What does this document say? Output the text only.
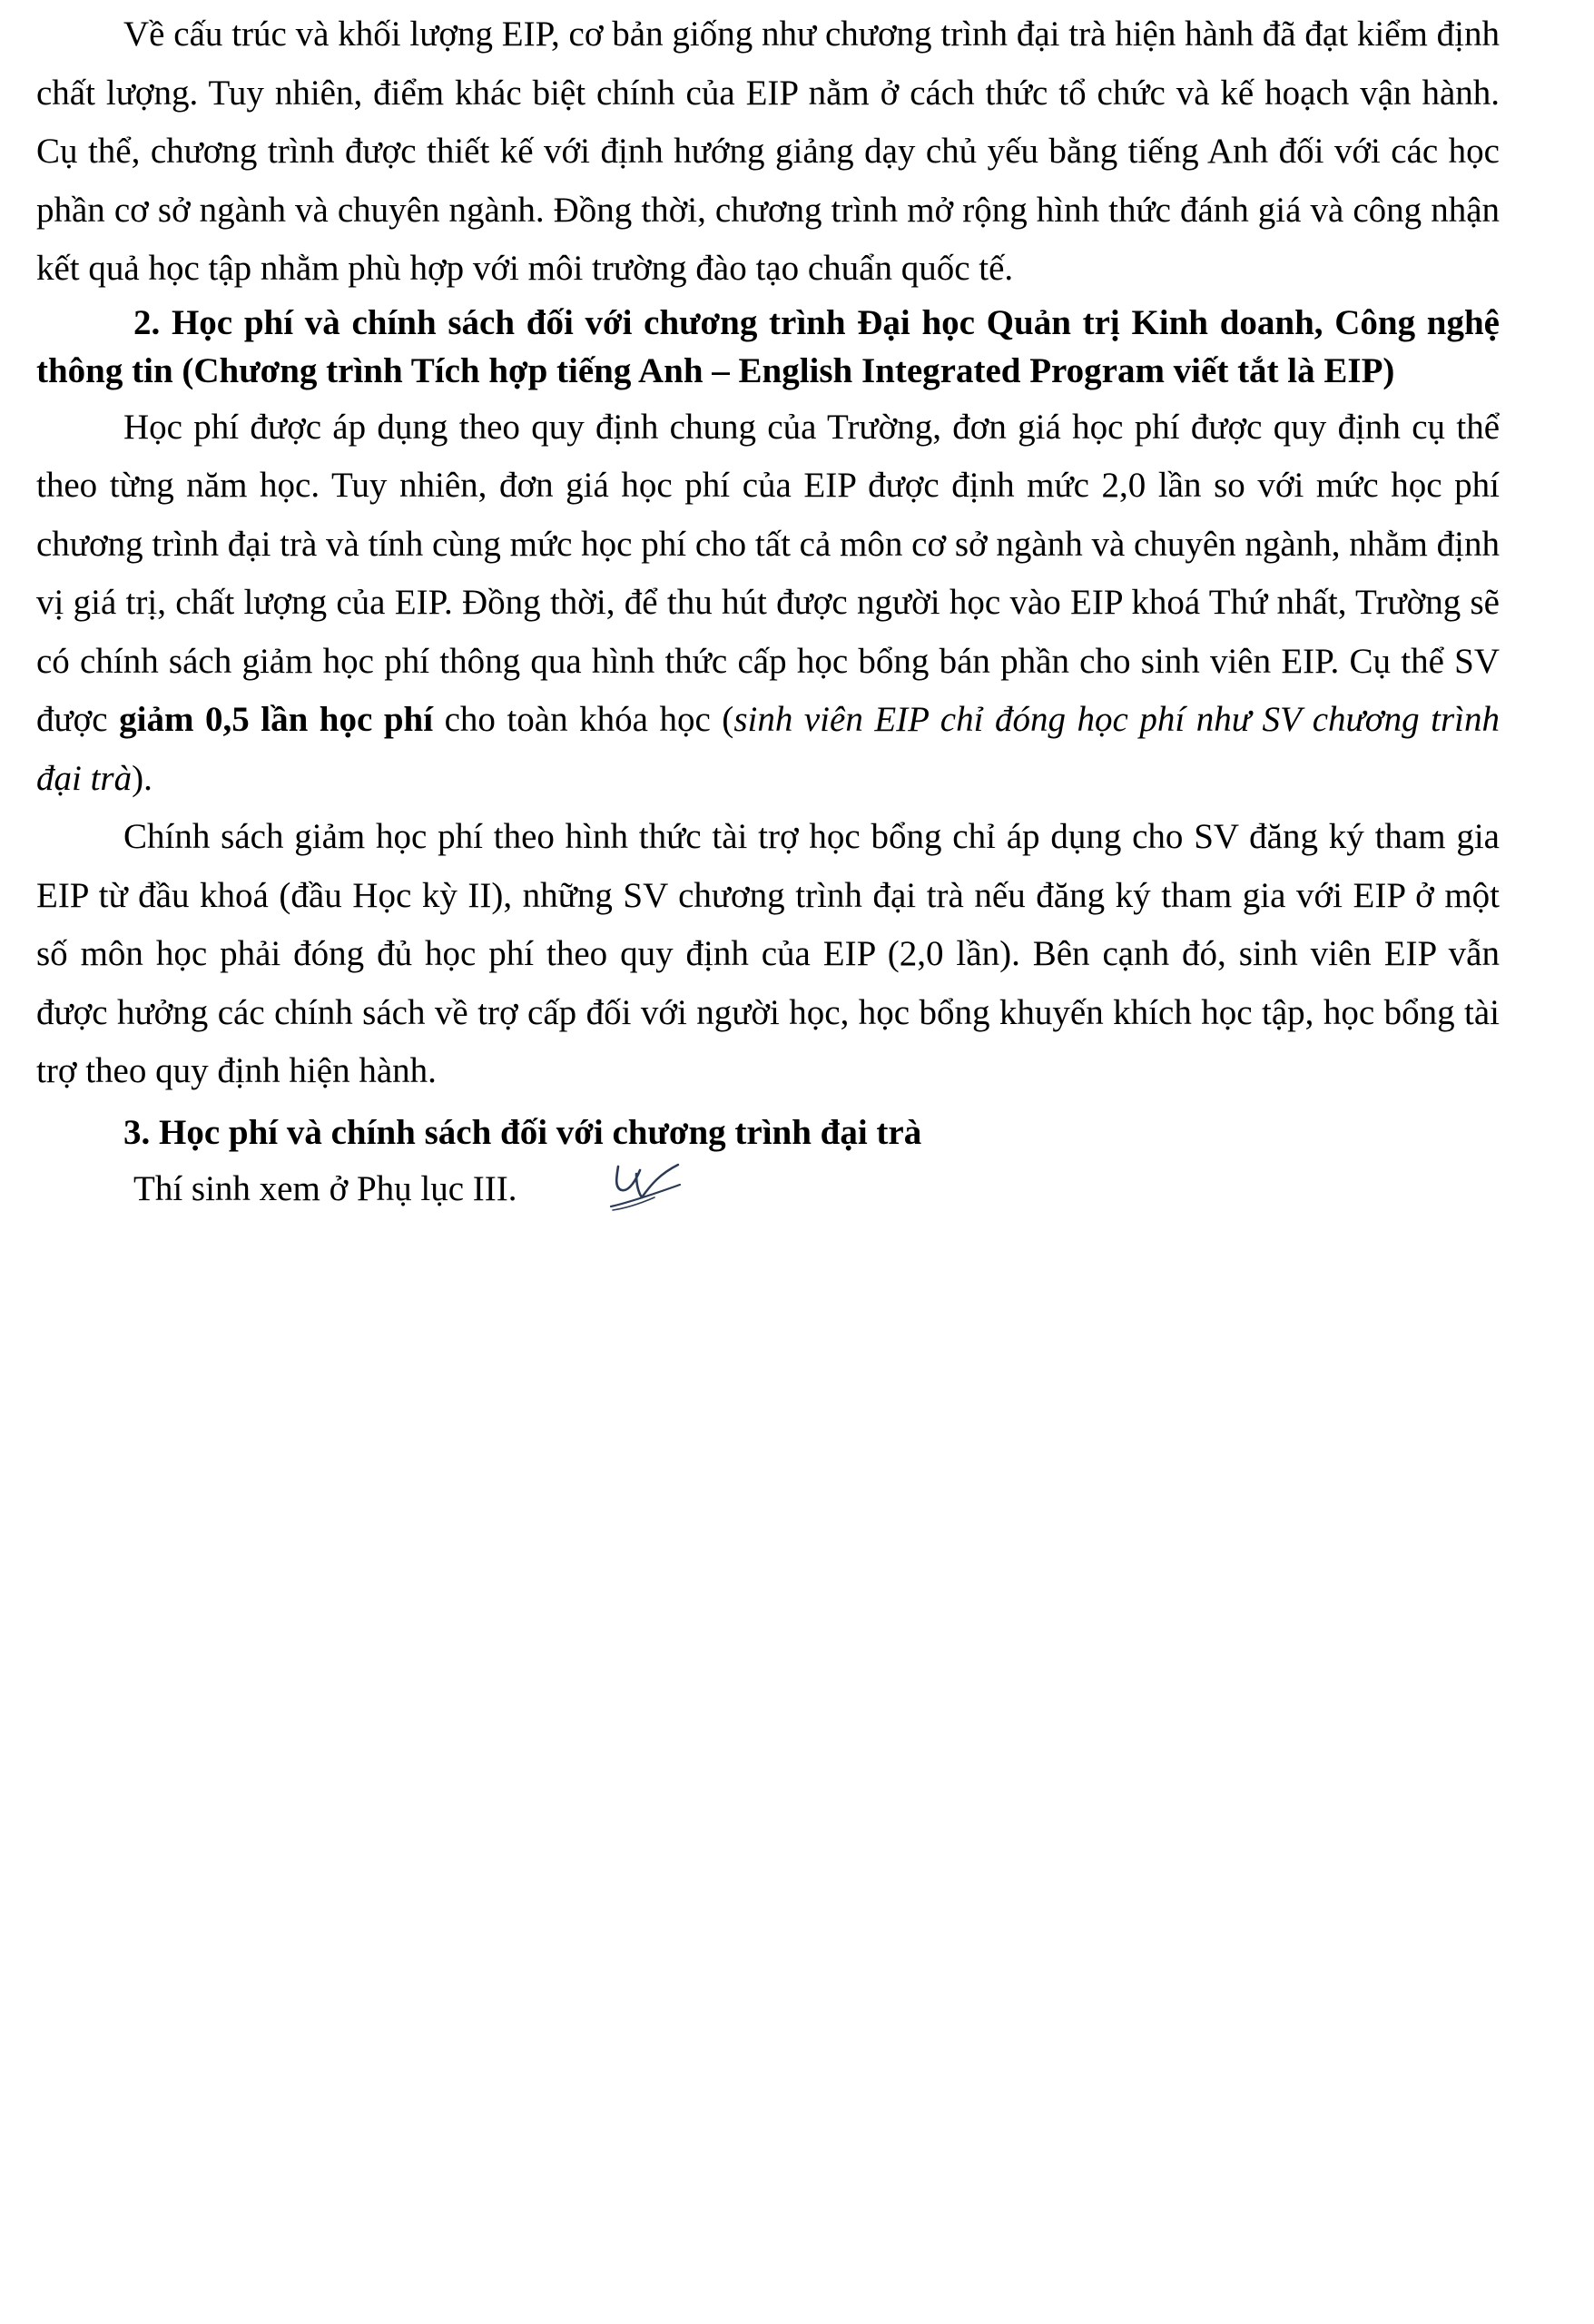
Về cấu trúc và khối lượng EIP, cơ bản giống như chương trình đại trà hiện hành đã đạt kiểm định chất lượng. Tuy nhiên, điểm khác biệt chính của EIP nằm ở cách thức tổ chức và kế hoạch vận hành. Cụ thể, chương trình được thiết kế với định hướng giảng dạy chủ yếu bằng tiếng Anh đối với các học phần cơ sở ngành và chuyên ngành. Đồng thời, chương trình mở rộng hình thức đánh giá và công nhận kết quả học tập nhằm phù hợp với môi trường đào tạo chuẩn quốc tế.

2. Học phí và chính sách đối với chương trình Đại học Quản trị Kinh doanh, Công nghệ thông tin (Chương trình Tích hợp tiếng Anh – English Integrated Program viết tắt là EIP)

Học phí được áp dụng theo quy định chung của Trường, đơn giá học phí được quy định cụ thể theo từng năm học. Tuy nhiên, đơn giá học phí của EIP được định mức 2,0 lần so với mức học phí chương trình đại trà và tính cùng mức học phí cho tất cả môn cơ sở ngành và chuyên ngành, nhằm định vị giá trị, chất lượng của EIP. Đồng thời, để thu hút được người học vào EIP khoá Thứ nhất, Trường sẽ có chính sách giảm học phí thông qua hình thức cấp học bổng bán phần cho sinh viên EIP. Cụ thể SV được giảm 0,5 lần học phí cho toàn khóa học (sinh viên EIP chỉ đóng học phí như SV chương trình đại trà).

Chính sách giảm học phí theo hình thức tài trợ học bổng chỉ áp dụng cho SV đăng ký tham gia EIP từ đầu khoá (đầu Học kỳ II), những SV chương trình đại trà nếu đăng ký tham gia với EIP ở một số môn học phải đóng đủ học phí theo quy định của EIP (2,0 lần). Bên cạnh đó, sinh viên EIP vẫn được hưởng các chính sách về trợ cấp đối với người học, học bổng khuyến khích học tập, học bổng tài trợ theo quy định hiện hành.

3. Học phí và chính sách đối với chương trình đại trà

Thí sinh xem ở Phụ lục III.
